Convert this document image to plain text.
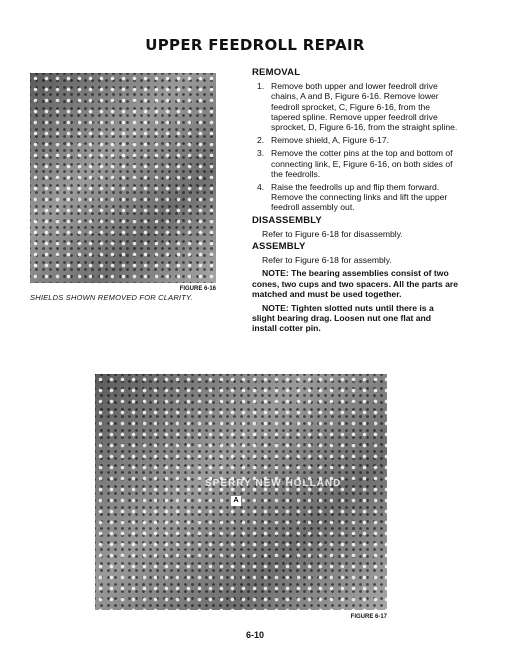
UPPER FEEDROLL REPAIR
FIGURE 6-16
SHIELDS SHOWN REMOVED FOR CLARITY.
REMOVAL
1. Remove both upper and lower feedroll drive chains, A and B, Figure 6-16. Remove lower feedroll sprocket, C, Figure 6-16, from the tapered spline. Remove upper feedroll drive sprocket, D, Figure 6-16, from the straight spline.
2. Remove shield, A, Figure 6-17.
3. Remove the cotter pins at the top and bottom of connecting link, E, Figure 6-16, on both sides of the feedrolls.
4. Raise the feedrolls up and flip them forward. Remove the connecting links and lift the upper feedroll assembly out.
DISASSEMBLY
Refer to Figure 6-18 for disassembly.
ASSEMBLY
Refer to Figure 6-18 for assembly.
NOTE: The bearing assemblies consist of two cones, two cups and two spacers. All the parts are matched and must be used together.
NOTE: Tighten slotted nuts until there is a slight bearing drag. Loosen nut one flat and install cotter pin.
SPERRY NEW HOLLAND
A
FIGURE 6-17
6-10
